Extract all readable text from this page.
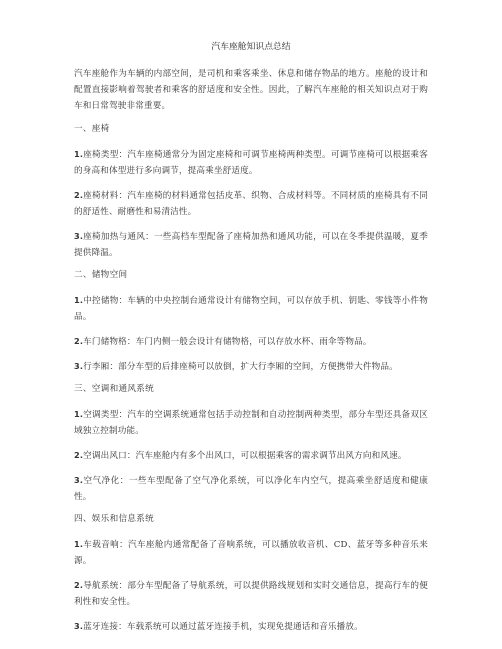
汽车座舱知识点总结
汽车座舱作为车辆的内部空间，是司机和乘客乘坐、休息和储存物品的地方。座舱的设计和配置直接影响着驾驶者和乘客的舒适度和安全性。因此，了解汽车座舱的相关知识点对于购车和日常驾驶非常重要。
一、座椅
1.座椅类型：汽车座椅通常分为固定座椅和可调节座椅两种类型。可调节座椅可以根据乘客的身高和体型进行多向调节，提高乘坐舒适度。
2.座椅材料：汽车座椅的材料通常包括皮革、织物、合成材料等。不同材质的座椅具有不同的舒适性、耐磨性和易清洁性。
3.座椅加热与通风：一些高档车型配备了座椅加热和通风功能，可以在冬季提供温暖，夏季提供降温。
二、储物空间
1.中控储物：车辆的中央控制台通常设计有储物空间，可以存放手机、钥匙、零钱等小件物品。
2.车门储物格：车门内侧一般会设计有储物格，可以存放水杯、雨伞等物品。
3.行李厢：部分车型的后排座椅可以放倒，扩大行李厢的空间，方便携带大件物品。
三、空调和通风系统
1.空调类型：汽车的空调系统通常包括手动控制和自动控制两种类型，部分车型还具备双区域独立控制功能。
2.空调出风口：汽车座舱内有多个出风口，可以根据乘客的需求调节出风方向和风速。
3.空气净化：一些车型配备了空气净化系统，可以净化车内空气，提高乘坐舒适度和健康性。
四、娱乐和信息系统
1.车载音响：汽车座舱内通常配备了音响系统，可以播放收音机、CD、蓝牙等多种音乐来源。
2.导航系统：部分车型配备了导航系统，可以提供路线规划和实时交通信息，提高行车的便利性和安全性。
3.蓝牙连接：车载系统可以通过蓝牙连接手机，实现免提通话和音乐播放。
